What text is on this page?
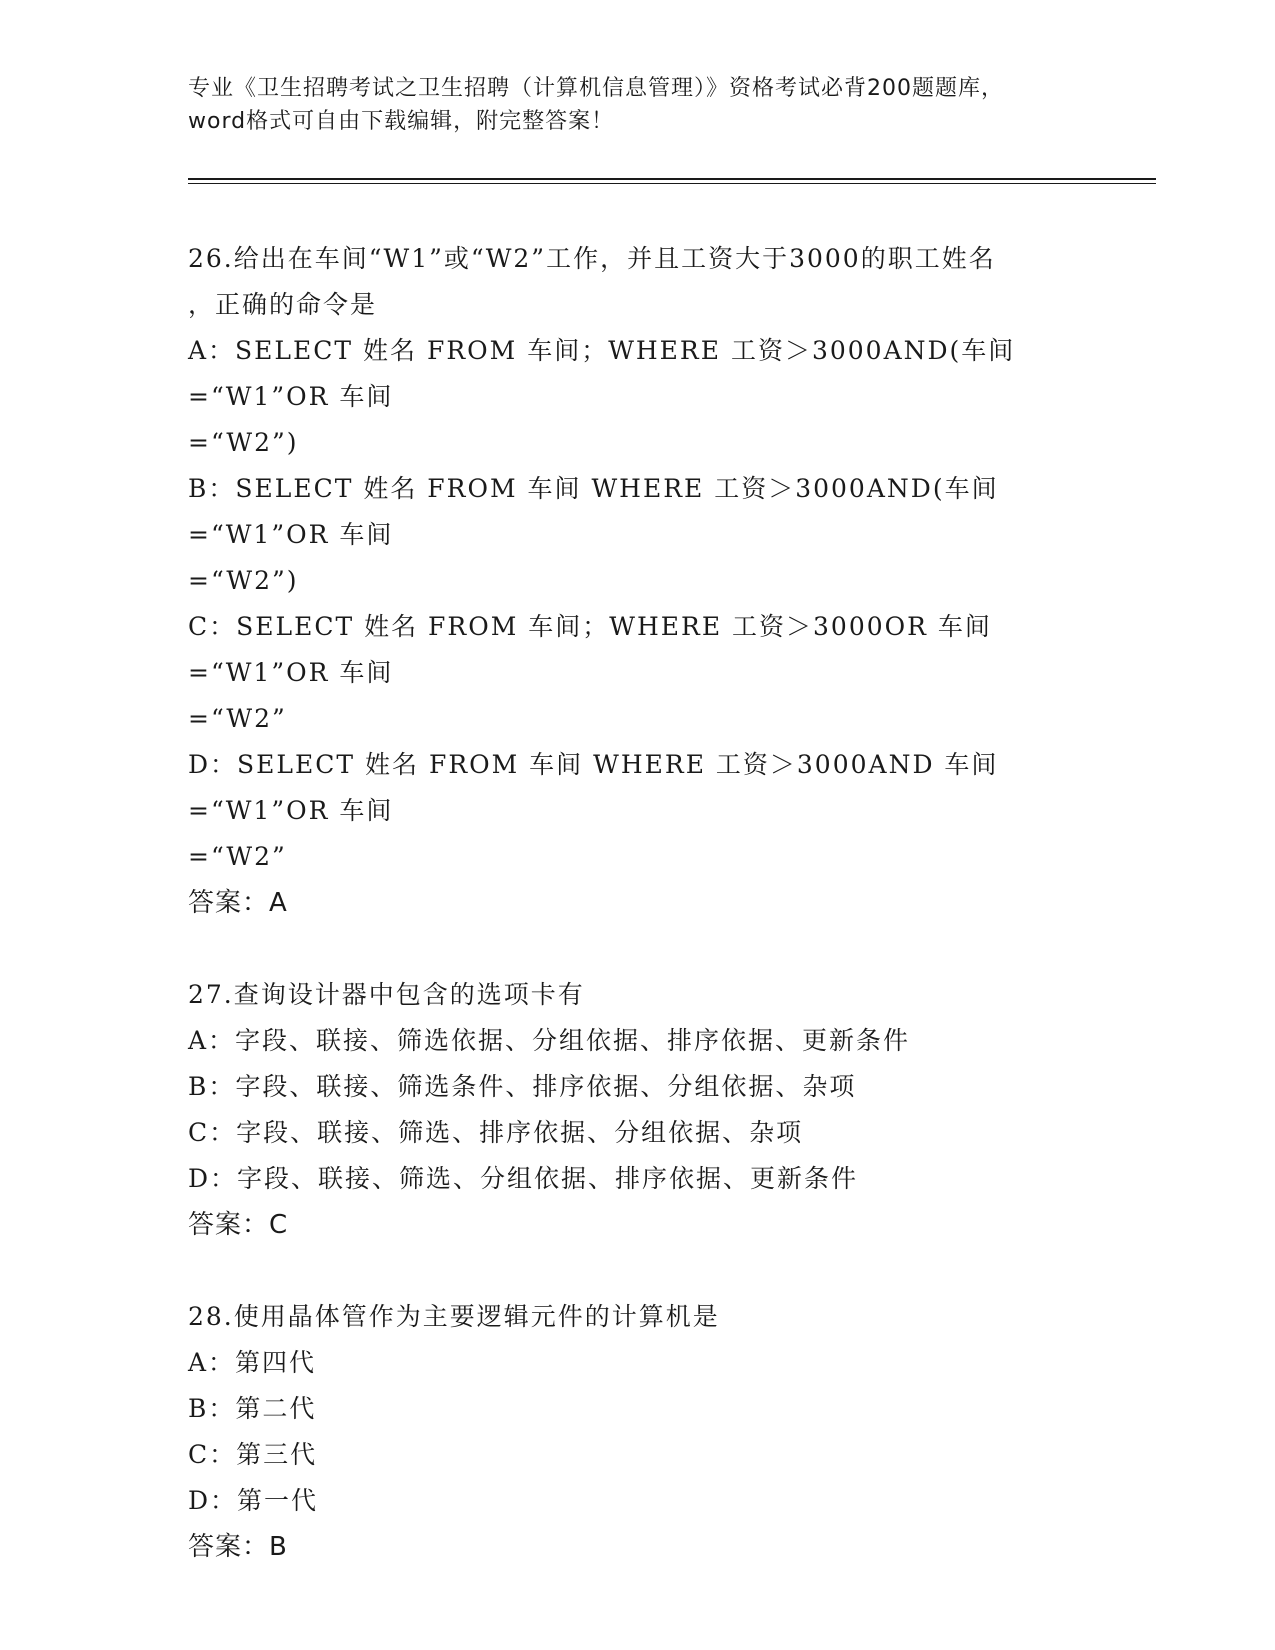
专业《卫生招聘考试之卫生招聘（计算机信息管理）》资格考试必背200题题库，
word格式可自由下载编辑，附完整答案！
26.给出在车间“W1”或“W2”工作，并且工资大于3000的职工姓名
，正确的命令是
A：SELECT 姓名 FROM 车间；WHERE 工资＞3000AND(车间=“W1”OR 车间
=“W2”)
B：SELECT 姓名 FROM 车间 WHERE 工资＞3000AND(车间=“W1”OR 车间
=“W2”)
C：SELECT 姓名 FROM 车间；WHERE 工资＞3000OR 车间=“W1”OR 车间
=“W2”
D：SELECT 姓名 FROM 车间 WHERE 工资＞3000AND 车间=“W1”OR 车间
=“W2”
答案：A
27.查询设计器中包含的选项卡有
A：字段、联接、筛选依据、分组依据、排序依据、更新条件
B：字段、联接、筛选条件、排序依据、分组依据、杂项
C：字段、联接、筛选、排序依据、分组依据、杂项
D：字段、联接、筛选、分组依据、排序依据、更新条件
答案：C
28.使用晶体管作为主要逻辑元件的计算机是
A：第四代
B：第二代
C：第三代
D：第一代
答案：B
